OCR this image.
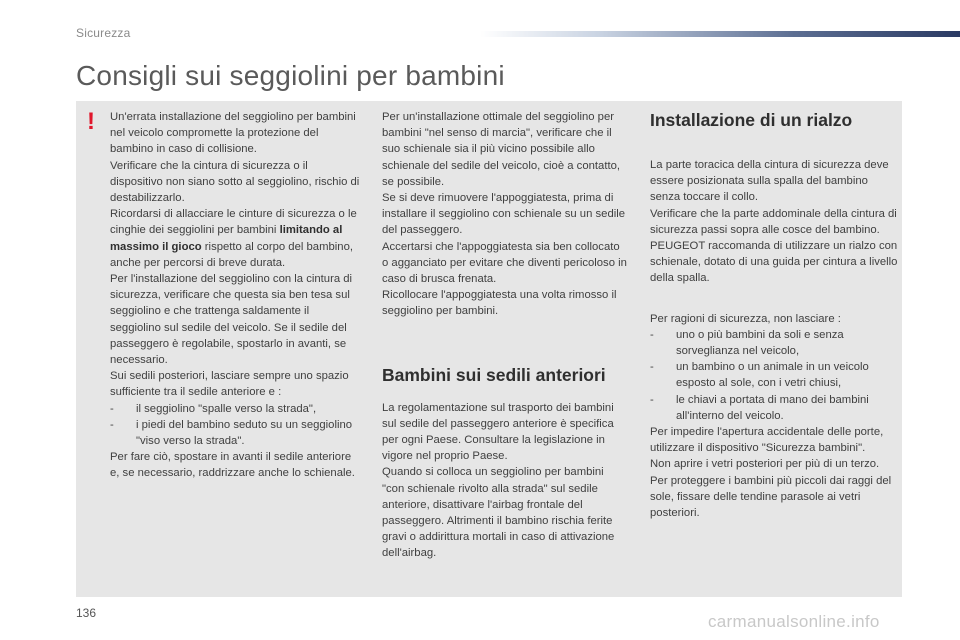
Sicurezza
Consigli sui seggiolini per bambini
! Un'errata installazione del seggiolino per bambini nel veicolo compromette la protezione del bambino in caso di collisione.

Verificare che la cintura di sicurezza o il dispositivo non siano sotto al seggiolino, rischio di destabilizzarlo.

Ricordarsi di allacciare le cinture di sicurezza o le cinghie dei seggiolini per bambini limitando al massimo il gioco rispetto al corpo del bambino, anche per percorsi di breve durata.

Per l'installazione del seggiolino con la cintura di sicurezza, verificare che questa sia ben tesa sul seggiolino e che trattenga saldamente il seggiolino sul sedile del veicolo. Se il sedile del passeggero è regolabile, spostarlo in avanti, se necessario.

Sui sedili posteriori, lasciare sempre uno spazio sufficiente tra il sedile anteriore e :

- il seggiolino "spalle verso la strada",
- i piedi del bambino seduto su un seggiolino "viso verso la strada".

Per fare ciò, spostare in avanti il sedile anteriore e, se necessario, raddrizzare anche lo schienale.

Per un'installazione ottimale del seggiolino per bambini "nel senso di marcia", verificare che il suo schienale sia il più vicino possibile allo schienale del sedile del veicolo, cioè a contatto, se possibile.

Se si deve rimuovere l'appoggiatesta, prima di installare il seggiolino con schienale su un sedile del passeggero.

Accertarsi che l'appoggiatesta sia ben collocato o agganciato per evitare che diventi pericoloso in caso di brusca frenata.

Ricollocare l'appoggiatesta una volta rimosso il seggiolino per bambini.

Bambini sui sedili anteriori

La regolamentazione sul trasporto dei bambini sul sedile del passeggero anteriore è specifica per ogni Paese. Consultare la legislazione in vigore nel proprio Paese.

Quando si colloca un seggiolino per bambini "con schienale rivolto alla strada" sul sedile anteriore, disattivare l'airbag frontale del passeggero. Altrimenti il bambino rischia ferite gravi o addirittura mortali in caso di attivazione dell'airbag.

Installazione di un rialzo

La parte toracica della cintura di sicurezza deve essere posizionata sulla spalla del bambino senza toccare il collo.

Verificare che la parte addominale della cintura di sicurezza passi sopra alle cosce del bambino.

PEUGEOT raccomanda di utilizzare un rialzo con schienale, dotato di una guida per cintura a livello della spalla.

Per ragioni di sicurezza, non lasciare :

- uno o più bambini da soli e senza sorveglianza nel veicolo,
- un bambino o un animale in un veicolo esposto al sole, con i vetri chiusi,
- le chiavi a portata di mano dei bambini all'interno del veicolo.

Per impedire l'apertura accidentale delle porte, utilizzare il dispositivo "Sicurezza bambini".

Non aprire i vetri posteriori per più di un terzo.

Per proteggere i bambini più piccoli dai raggi del sole, fissare delle tendine parasole ai vetri posteriori.

136	carmanualsonline.info
